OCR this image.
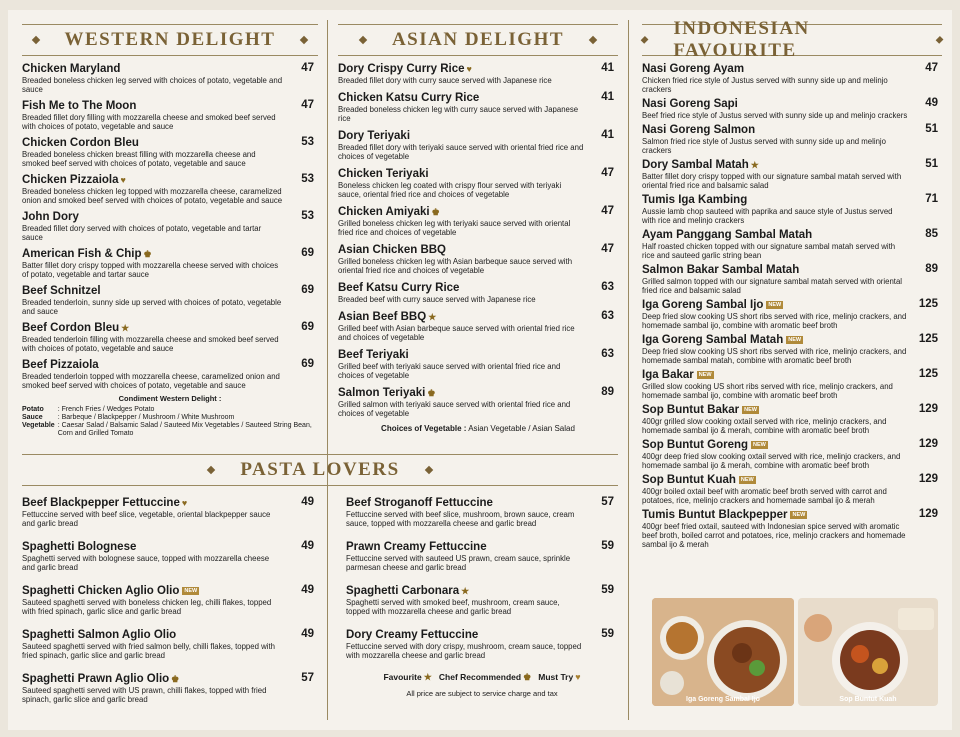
WESTERN DELIGHT
Chicken Maryland	47
Breaded boneless chicken leg served with choices of potato, vegetable and sauce
Fish Me to The Moon	47
Breaded fillet dory filling with mozzarella cheese and smoked beef served with choices of potato, vegetable and sauce
Chicken Cordon Bleu	53
Breaded boneless chicken breast filling with mozzarella cheese and smoked beef served with choices of potato, vegetable and sauce
Chicken Pizzaiola ♥	53
Breaded boneless chicken leg topped with mozzarella cheese, caramelized onion and smoked beef served with choices of potato, vegetable and sauce
John Dory	53
Breaded fillet dory served with choices of potato, vegetable and tartar sauce
American Fish & Chip ♚	69
Batter fillet dory crispy topped with mozzarella cheese served with choices of potato, vegetable and tartar sauce
Beef Schnitzel	69
Breaded tenderloin, sunny side up served with choices of potato, vegetable and sauce
Beef Cordon Bleu ★	69
Breaded tenderloin filling with mozzarella cheese and smoked beef served with choices of potato, vegetable and sauce
Beef Pizzaiola	69
Breaded tenderloin topped with mozzarella cheese, caramelized onion and smoked beef served with choices of potato, vegetable and sauce
Condiment Western Delight :
Potato	: French Fries / Wedges Potato
Sauce	: Barbeque / Blackpepper / Mushroom / White Mushroom
Vegetable	: Caesar Salad / Balsamic Salad / Sauteed Mix Vegetables / Sauteed String Bean, Corn and Grilled Tomato
ASIAN DELIGHT
Dory Crispy Curry Rice ♥	41
Breaded fillet dory with curry sauce served with Japanese rice
Chicken Katsu Curry Rice	41
Breaded boneless chicken leg with curry sauce served with Japanese rice
Dory Teriyaki	41
Breaded fillet dory with teriyaki sauce served with oriental fried rice and choices of vegetable
Chicken Teriyaki	47
Boneless chicken leg coated with crispy flour served with teriyaki sauce, oriental fried rice and choices of vegetable
Chicken Amiyaki ♚	47
Grilled boneless chicken leg with teriyaki sauce served with oriental fried rice and choices of vegetable
Asian Chicken BBQ	47
Grilled boneless chicken leg with Asian barbeque sauce served with oriental fried rice and choices of vegetable
Beef Katsu Curry Rice	63
Breaded beef with curry sauce served with Japanese rice
Asian Beef BBQ ★	63
Grilled beef with Asian barbeque sauce served with oriental fried rice and choices of vegetable
Beef Teriyaki	63
Grilled beef with teriyaki sauce served with oriental fried rice and choices of vegetable
Salmon Teriyaki ♚	89
Grilled salmon with teriyaki sauce served with oriental fried rice and choices of vegetable
Choices of Vegetable : Asian Vegetable / Asian Salad
PASTA LOVERS
Beef Blackpepper Fettuccine ♥	49
Fettuccine served with beef slice, vegetable, oriental blackpepper sauce and garlic bread
Spaghetti Bolognese	49
Spaghetti served with bolognese sauce, topped with mozzarella cheese and garlic bread
Spaghetti Chicken Aglio Olio NEW	49
Sauteed spaghetti served with boneless chicken leg, chilli flakes, topped with fried spinach, garlic slice and garlic bread
Spaghetti Salmon Aglio Olio	49
Sauteed spaghetti served with fried salmon belly, chilli flakes, topped with fried spinach, garlic slice and garlic bread
Spaghetti Prawn Aglio Olio ♚	57
Sauteed spaghetti served with US prawn, chilli flakes, topped with fried spinach, garlic slice and garlic bread
Beef Stroganoff Fettuccine	57
Fettuccine served with beef slice, mushroom, brown sauce, cream sauce, topped with mozzarella cheese and garlic bread
Prawn Creamy Fettuccine	59
Fettuccine served with sauteed US prawn, cream sauce, sprinkle parmesan cheese and garlic bread
Spaghetti Carbonara ★	59
Spaghetti served with smoked beef, mushroom, cream sauce, topped with mozzarella cheese and garlic bread
Dory Creamy Fettuccine	59
Fettuccine served with dory crispy, mushroom, cream sauce, topped with mozzarella cheese and garlic bread
Favourite ★ Chef Recommended ♚ Must Try ♥
All price are subject to service charge and tax
INDONESIAN FAVOURITE
Nasi Goreng Ayam	47
Chicken fried rice style of Justus served with sunny side up and melinjo crackers
Nasi Goreng Sapi	49
Beef fried rice style of Justus served with sunny side up and melinjo crackers
Nasi Goreng Salmon	51
Salmon fried rice style of Justus served with sunny side up and melinjo crackers
Dory Sambal Matah ★	51
Batter fillet dory crispy topped with our signature sambal matah served with oriental fried rice and balsamic salad
Tumis Iga Kambing	71
Aussie lamb chop sauteed with paprika and sauce style of Justus served with rice and melinjo crackers
Ayam Panggang Sambal Matah	85
Half roasted chicken topped with our signature sambal matah served with rice and sauteed garlic string bean
Salmon Bakar Sambal Matah	89
Grilled salmon topped with our signature sambal matah served with oriental fried rice and balsamic salad
Iga Goreng Sambal Ijo NEW	125
Deep fried slow cooking US short ribs served with rice, melinjo crackers, and homemade sambal ijo, combine with aromatic beef broth
Iga Goreng Sambal Matah NEW	125
Deep fried slow cooking US short ribs served with rice, melinjo crackers, and homemade sambal matah, combine with aromatic beef broth
Iga Bakar NEW	125
Grilled slow cooking US short ribs served with rice, melinjo crackers, and homemade sambal ijo, combine with aromatic beef broth
Sop Buntut Bakar NEW	129
400gr grilled slow cooking oxtail served with rice, melinjo crackers, and homemade sambal ijo & merah, combine with aromatic beef broth
Sop Buntut Goreng NEW	129
400gr deep fried slow cooking oxtail served with rice, melinjo crackers, and homemade sambal ijo & merah, combine with aromatic beef broth
Sop Buntut Kuah NEW	129
400gr boiled oxtail beef with aromatic beef broth served with carrot and potatoes, rice, melinjo crackers and homemade sambal ijo & merah
Tumis Buntut Blackpepper NEW	129
400gr beef fried oxtail, sauteed with Indonesian spice served with aromatic beef broth, boiled carrot and potatoes, rice, melinjo crackers and homemade sambal ijo & merah
Iga Goreng Sambal Ijo	Sop Buntut Kuah
